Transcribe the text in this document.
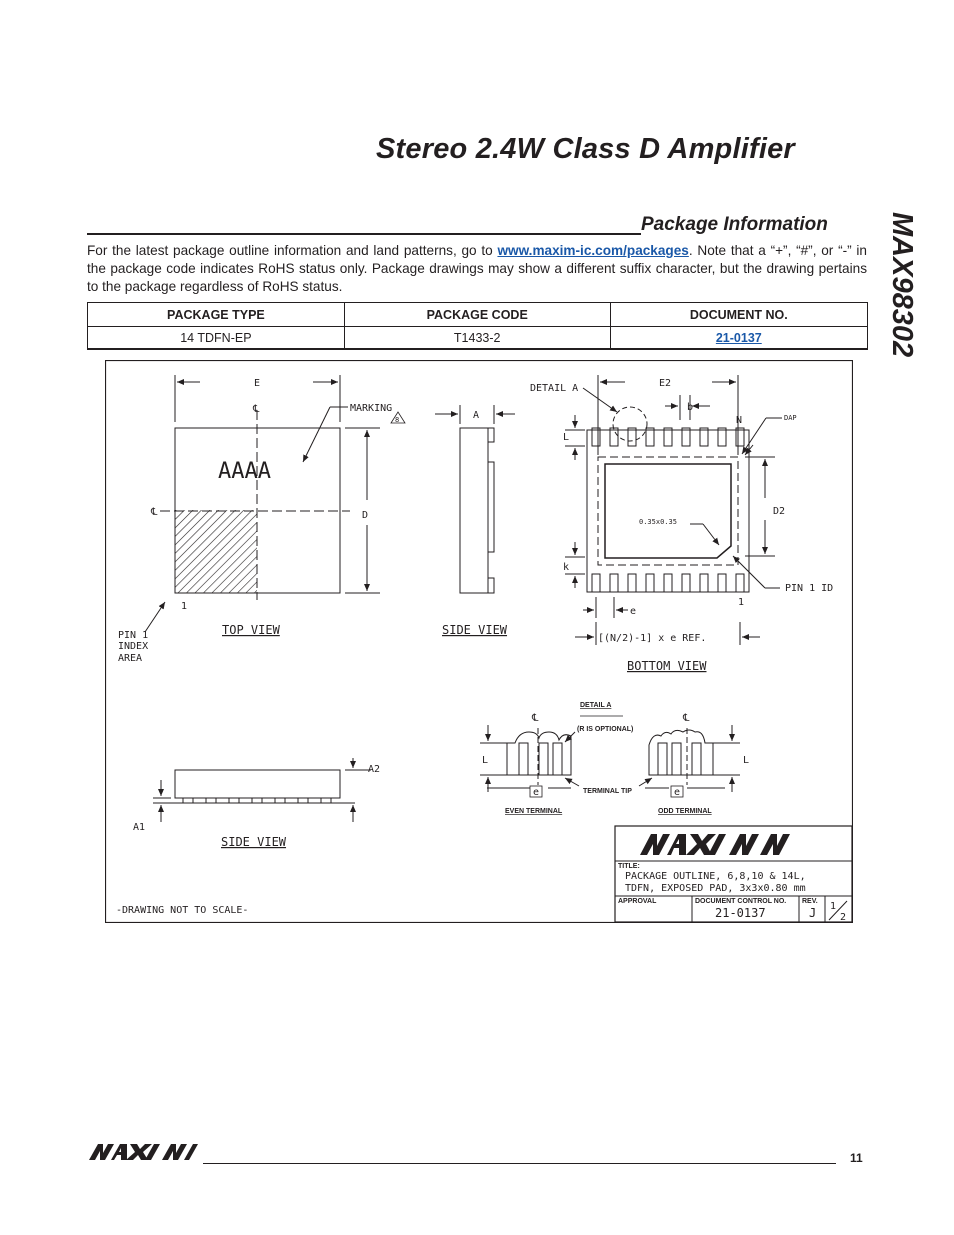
Stereo 2.4W Class D Amplifier
MAX98302
Package Information
For the latest package outline information and land patterns, go to www.maxim-ic.com/packages. Note that a “+”, “#”, or “-” in the package code indicates RoHS status only. Package drawings may show a different suffix character, but the drawing pertains to the package regardless of RoHS status.
PACKAGE TYPE	PACKAGE CODE	DOCUMENT NO.
14 TDFN-EP	T1433-2	21-0137
E
℄
℄
MARKING
8
AAAA
D
1
PIN 1
INDEX
AREA
TOP VIEW
A
SIDE VIEW
DETAIL A	E2
b
N	DAP
L
k
D2
0.35x0.35
1
PIN 1 ID
e
[(N/2)-1] x e REF.
BOTTOM VIEW
DETAIL A
℄	℄
(R IS OPTIONAL)
L	L
e	e
TERMINAL TIP
EVEN TERMINAL	ODD TERMINAL
A2
A1
SIDE VIEW
-DRAWING NOT TO SCALE-
TITLE:
PACKAGE OUTLINE, 6,8,10 & 14L,
TDFN, EXPOSED PAD, 3x3x0.80 mm
APPROVAL	DOCUMENT CONTROL NO.
21-0137
REV.
J 1
2
11
